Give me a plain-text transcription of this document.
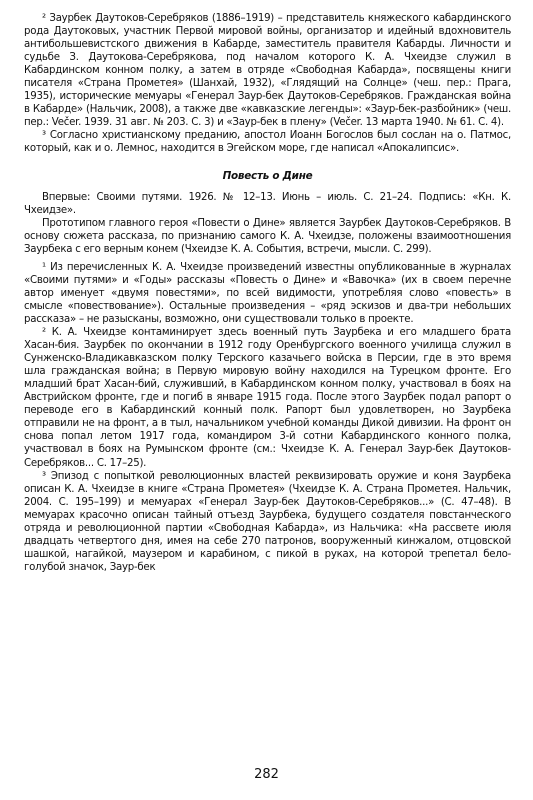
² Заурбек Даутоков-Серебряков (1886–1919) – представитель княжеского кабардинского рода Даутоковых, участник Первой мировой войны, организатор и идейный вдохновитель антибольшевистского движения в Кабарде, заместитель правителя Кабарды. Личности и судьбе З. Даутокова-Серебрякова, под началом которого К. А. Чхеидзе служил в Кабардинском конном полку, а затем в отряде «Свободная Кабарда», посвящены книги писателя «Страна Прометея» (Шанхай, 1932), «Глядящий на Солнце» (чеш. пер.: Прага, 1935), исторические мемуары «Генерал Заур-бек Даутоков-Серебряков. Гражданская война в Кабарде» (Нальчик, 2008), а также две «кавказские легенды»: «Заур-бек-разбойник» (чеш. пер.: Večer. 1939. 31 авг. № 203. С. 3) и «Заур-бек в плену» (Večer. 13 марта 1940. № 61. С. 4).

³ Согласно христианскому преданию, апостол Иоанн Богослов был сослан на о. Патмос, который, как и о. Лемнос, находится в Эгейском море, где написал «Апокалипсис».

Повесть о Дине

Впервые: Своими путями. 1926. № 12–13. Июнь – июль. С. 21–24. Подпись: «Кн. К. Чхеидзе».

Прототипом главного героя «Повести о Дине» является Заурбек Даутоков-Серебряков. В основу сюжета рассказа, по признанию самого К. А. Чхеидзе, положены взаимоотношения Заурбека с его верным конем (Чхеидзе К. А. События, встречи, мысли. С. 299).

¹ Из перечисленных К. А. Чхеидзе произведений известны опубликованные в журналах «Своими путями» и «Годы» рассказы «Повесть о Дине» и «Вавочка» (их в своем перечне автор именует «двумя повестями», по всей видимости, употребляя слово «повесть» в смысле «повествование»). Остальные произведения – «ряд эскизов и два-три небольших рассказа» – не разысканы, возможно, они существовали только в проекте.

² К. А. Чхеидзе контаминирует здесь военный путь Заурбека и его младшего брата Хасан-бия. Заурбек по окончании в 1912 году Оренбургского военного училища служил в Сунженско-Владикавказском полку Терского казачьего войска в Персии, где в это время шла гражданская война; в Первую мировую войну находился на Турецком фронте. Его младший брат Хасан-бий, служивший, в Кабардинском конном полку, участвовал в боях на Австрийском фронте, где и погиб в январе 1915 года. После этого Заурбек подал рапорт о переводе его в Кабардинский конный полк. Рапорт был удовлетворен, но Заурбека отправили не на фронт, а в тыл, начальником учебной команды Дикой дивизии. На фронт он снова попал летом 1917 года, командиром 3-й сотни Кабардинского конного полка, участвовал в боях на Румынском фронте (см.: Чхеидзе К. А. Генерал Заур-бек Даутоков-Серебряков... С. 17–25).

³ Эпизод с попыткой революционных властей реквизировать оружие и коня Заурбека описан К. А. Чхеидзе в книге «Страна Прометея» (Чхеидзе К. А. Страна Прометея. Нальчик, 2004. С. 195–199) и мемуарах «Генерал Заур-бек Даутоков-Серебряков...» (С. 47–48). В мемуарах красочно описан тайный отъезд Заурбека, будущего создателя повстанческого отряда и революционной партии «Свободная Кабарда», из Нальчика: «На рассвете июля двадцать четвертого дня, имея на себе 270 патронов, вооруженный кинжалом, отцовской шашкой, нагайкой, маузером и карабином, с пикой в руках, на которой трепетал бело-голубой значок, Заур-бек

282
